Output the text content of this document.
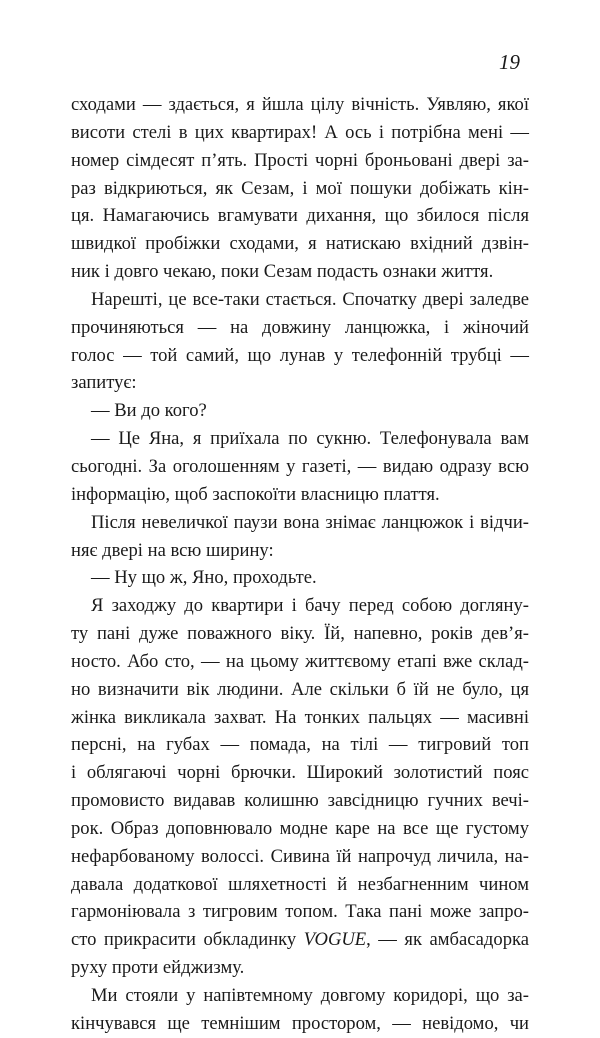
19
сходами — здається, я йшла цілу вічність. Уявляю, якої
висоти стелі в цих квартирах! А ось і потрібна мені —
номер сімдесят п’ять. Прості чорні броньовані двері за-
раз відкриються, як Сезам, і мої пошуки добіжать кін-
ця. Намагаючись вгамувати дихання, що збилося після
швидкої пробіжки сходами, я натискаю вхідний дзвін-
ник і довго чекаю, поки Сезам подасть ознаки життя.
Нарешті, це все-таки стається. Спочатку двері заледве
прочиняються — на довжину ланцюжка, і жіночий
голос — той самий, що лунав у телефонній трубці —
запитує:
— Ви до кого?
— Це Яна, я приїхала по сукню. Телефонувала вам
сьогодні. За оголошенням у газеті, — видаю одразу всю
інформацію, щоб заспокоїти власницю плаття.
Після невеличкої паузи вона знімає ланцюжок і відчи-
няє двері на всю ширину:
— Ну що ж, Яно, проходьте.
Я заходжу до квартири і бачу перед собою догляну-
ту пані дуже поважного віку. Їй, напевно, років дев’я-
носто. Або сто, — на цьому життєвому етапі вже склад-
но визначити вік людини. Але скільки б їй не було, ця
жінка викликала захват. На тонких пальцях — масивні
персні, на губах — помада, на тілі — тигровий топ
і облягаючі чорні брючки. Широкий золотистий пояс
промовисто видавав колишню завсідницю гучних вечі-
рок. Образ доповнювало модне каре на все ще густому
нефарбованому волоссі. Сивина їй напрочуд личила, на-
давала додаткової шляхетності й незбагненним чином
гармоніювала з тигровим топом. Така пані може запро-
сто прикрасити обкладинку VOGUE, — як амбасадорка
руху проти ейджизму.
Ми стояли у напівтемному довгому коридорі, що за-
кінчувався ще темнішим простором, — невідомо, чи
